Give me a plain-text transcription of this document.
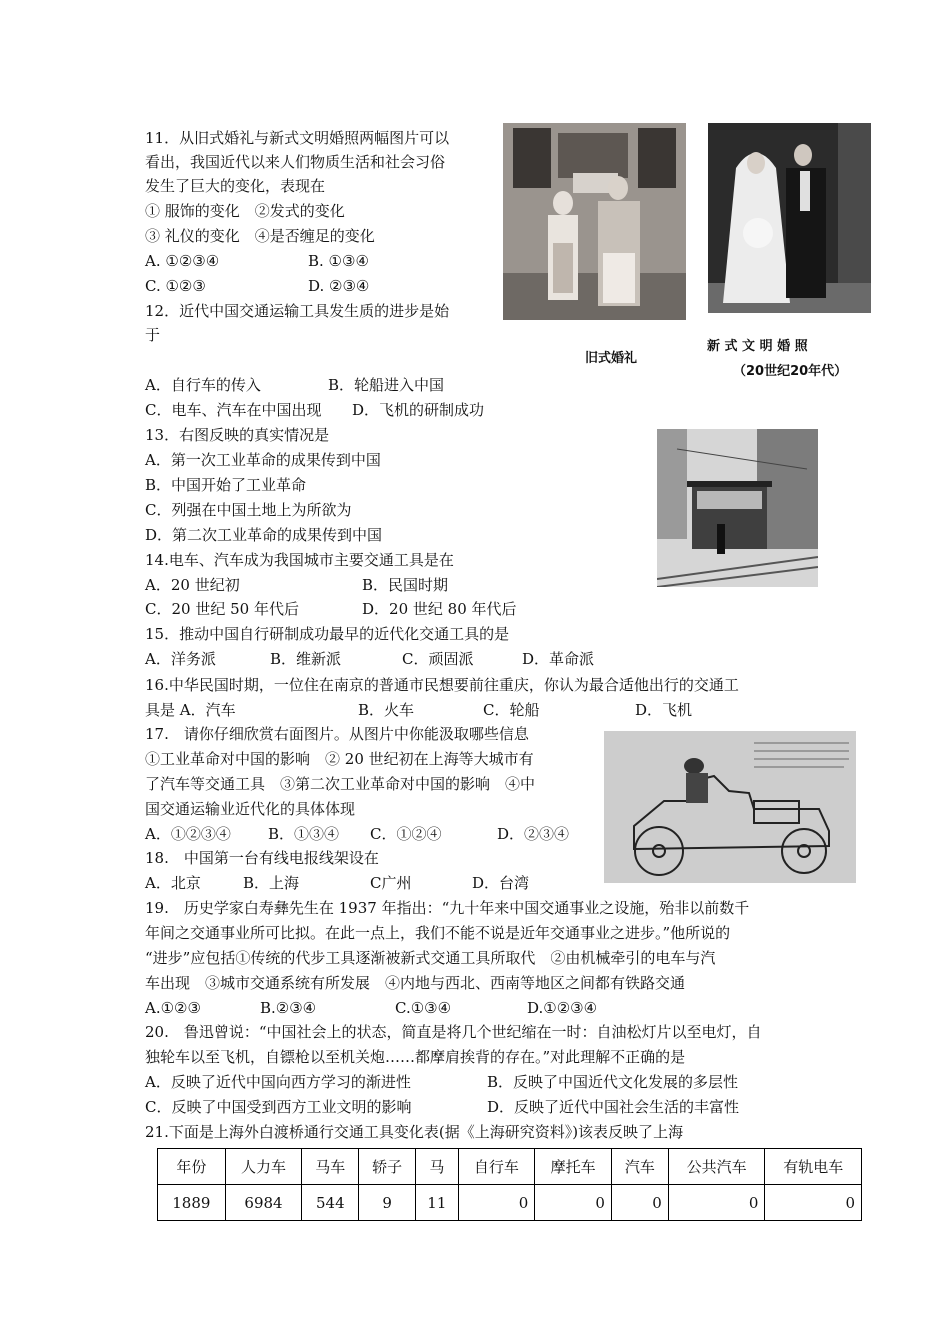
11．从旧式婚礼与新式文明婚照两幅图片可以
看出，我国近代以来人们物质生活和社会习俗
发生了巨大的变化，表现在
① 服饰的变化　②发式的变化
③ 礼仪的变化　④是否缠足的变化
A. ①②③④	B. ①③④
C. ①②③	D. ②③④
旧式婚礼
新 式 文 明 婚 照
（20世纪20年代）
12．近代中国交通运输工具发生质的进步是始
于
A．自行车的传入	B．轮船进入中国
C．电车、汽车在中国出现 D．飞机的研制成功
13．右图反映的真实情况是
A．第一次工业革命的成果传到中国
B．中国开始了工业革命
C．列强在中国土地上为所欲为
D．第二次工业革命的成果传到中国
14.电车、汽车成为我国城市主要交通工具是在
A．20 世纪初	B．民国时期
C．20 世纪 50 年代后	D．20 世纪 80 年代后
15．推动中国自行研制成功最早的近代化交通工具的是
A．洋务派	B．维新派	C．顽固派	D．革命派
16.中华民国时期，一位住在南京的普通市民想要前往重庆，你认为最合适他出行的交通工
具是 A．汽车	B．火车	C．轮船	D．飞机
17.　请你仔细欣赏右面图片。从图片中你能汲取哪些信息
①工业革命对中国的影响　② 20 世纪初在上海等大城市有
了汽车等交通工具　③第二次工业革命对中国的影响　④中
国交通运输业近代化的具体体现
A．①②③④ B．①③④ C．①②④	D．②③④
18.　中国第一台有线电报线架设在
A．北京	B．上海	C广州	D．台湾
19.　历史学家白寿彝先生在 1937 年指出：“九十年来中国交通事业之设施，殆非以前数千
年间之交通事业所可比拟。在此一点上，我们不能不说是近年交通事业之进步。”他所说的
“进步”应包括①传统的代步工具逐渐被新式交通工具所取代　②由机械牵引的电车与汽
车出现　③城市交通系统有所发展　④内地与西北、西南等地区之间都有铁路交通
A.①②③	B.②③④	C.①③④	D.①②③④
20.　鲁迅曾说：“中国社会上的状态，简直是将几个世纪缩在一时：自油松灯片以至电灯，自
独轮车以至飞机，自镖枪以至机关炮……都摩肩挨背的存在。”对此理解不正确的是
A．反映了近代中国向西方学习的渐进性	B．反映了中国近代文化发展的多层性
C．反映了中国受到西方工业文明的影响	D．反映了近代中国社会生活的丰富性
21.下面是上海外白渡桥通行交通工具变化表(据《上海研究资料》)该表反映了上海
年份	人力车	马车	轿子	马	自行车	摩托车	汽车	公共汽车	有轨电车
1889	6984	544	9	11	0	0	0	0	0
